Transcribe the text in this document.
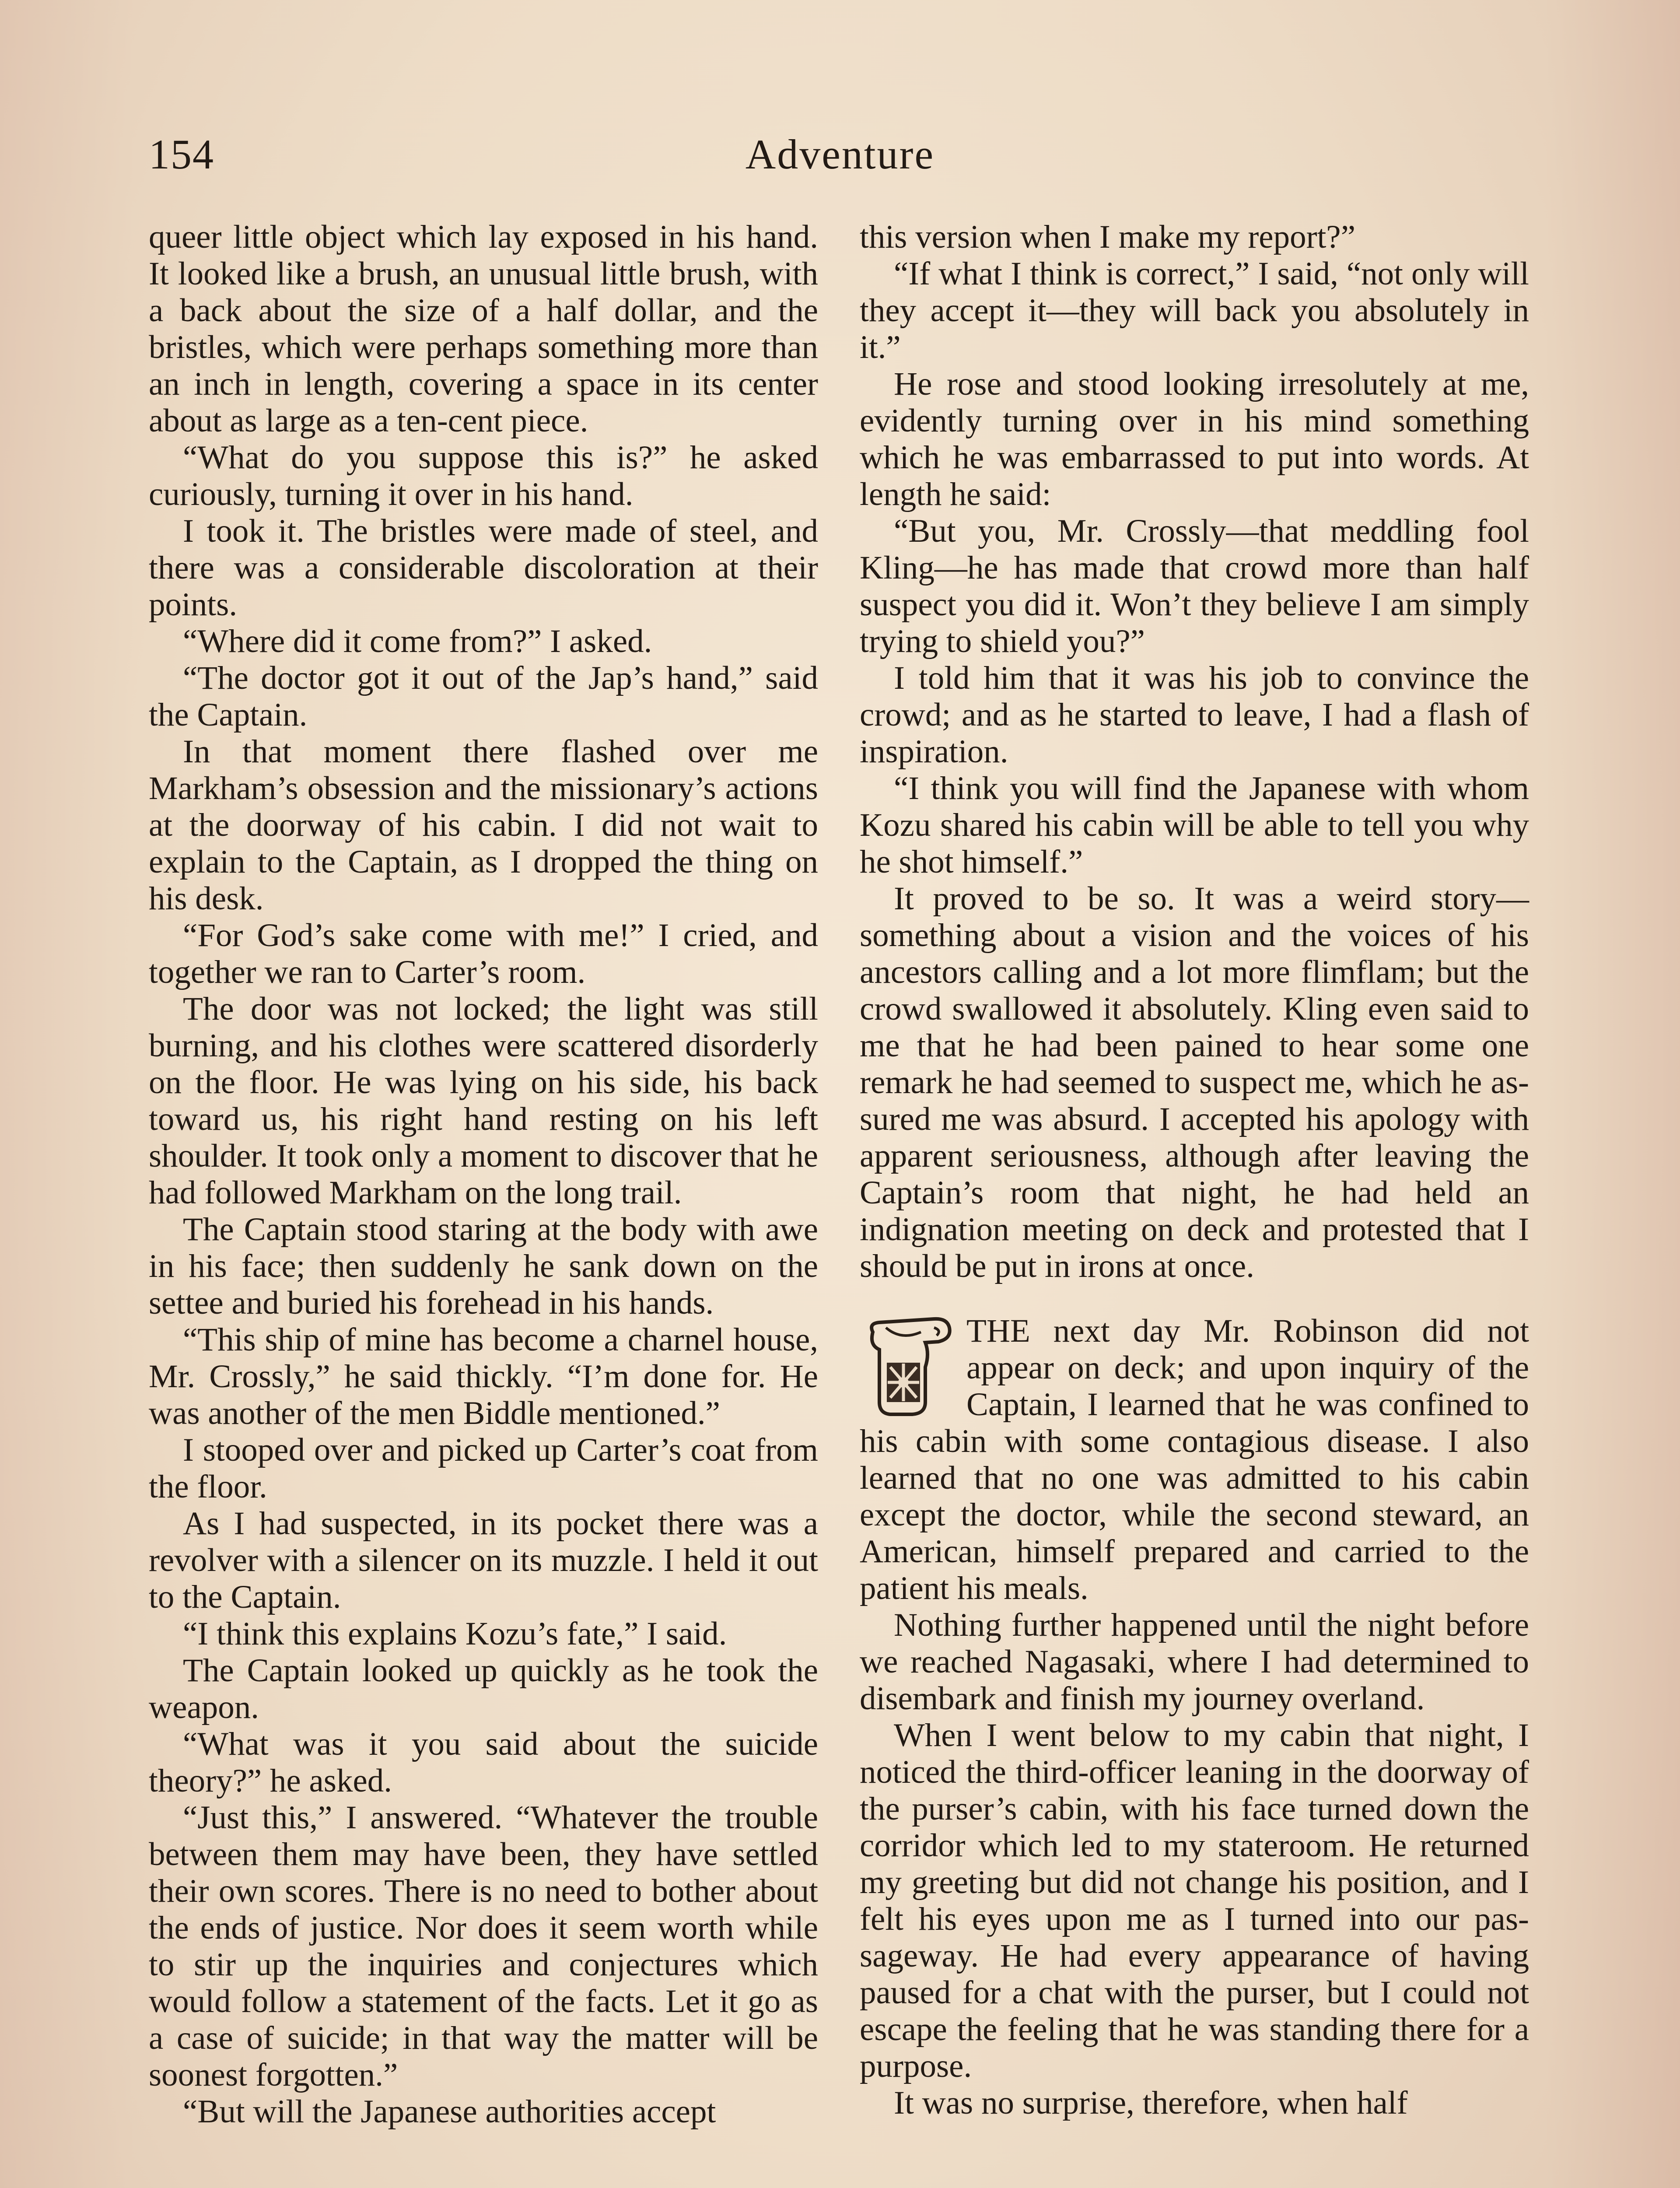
154	Adventure

queer little object which lay exposed in his hand. It looked like a brush, an unusual little brush, with a back about the size of a half dollar, and the bristles, which were perhaps something more than an inch in length, covering a space in its center about as large as a ten-cent piece.

“What do you suppose this is?” he asked curiously, turning it over in his hand.

I took it. The bristles were made of steel, and there was a considerable discoloration at their points.

“Where did it come from?” I asked.

“The doctor got it out of the Jap’s hand,” said the Captain.

In that moment there flashed over me Markham’s obsession and the missionary’s actions at the doorway of his cabin. I did not wait to explain to the Captain, as I dropped the thing on his desk.

“For God’s sake come with me!” I cried, and together we ran to Carter’s room.

The door was not locked; the light was still burning, and his clothes were scattered disorderly on the floor. He was lying on his side, his back toward us, his right hand resting on his left shoulder. It took only a moment to discover that he had followed Markham on the long trail.

The Captain stood staring at the body with awe in his face; then suddenly he sank down on the settee and buried his forehead in his hands.

“This ship of mine has become a charnel house, Mr. Crossly,” he said thickly. “I’m done for. He was another of the men Biddle mentioned.”

I stooped over and picked up Carter’s coat from the floor.

As I had suspected, in its pocket there was a revolver with a silencer on its muzzle. I held it out to the Captain.

“I think this explains Kozu’s fate,” I said.

The Captain looked up quickly as he took the weapon.

“What was it you said about the suicide theory?” he asked.

“Just this,” I answered. “Whatever the trouble between them may have been, they have settled their own scores. There is no need to bother about the ends of justice. Nor does it seem worth while to stir up the inquiries and conjectures which would follow a statement of the facts. Let it go as a case of suicide; in that way the matter will be soonest forgotten.”

“But will the Japanese authorities accept

this version when I make my report?”

“If what I think is correct,” I said, “not only will they accept it—they will back you absolutely in it.”

He rose and stood looking irresolutely at me, evidently turning over in his mind something which he was embarrassed to put into words. At length he said:

“But you, Mr. Crossly—that meddling fool Kling—he has made that crowd more than half suspect you did it. Won’t they believe I am simply trying to shield you?”

I told him that it was his job to convince the crowd; and as he started to leave, I had a flash of inspiration.

“I think you will find the Japanese with whom Kozu shared his cabin will be able to tell you why he shot himself.”

It proved to be so. It was a weird story—something about a vision and the voices of his ancestors calling and a lot more flimflam; but the crowd swallowed it absolutely. Kling even said to me that he had been pained to hear some one remark he had seemed to suspect me, which he assured me was absurd. I accepted his apology with apparent seriousness, although after leaving the Captain’s room that night, he had held an indignation meeting on deck and protested that I should be put in irons at once.

THE next day Mr. Robinson did not appear on deck; and upon inquiry of the Captain, I learned that he was confined to his cabin with some contagious disease. I also learned that no one was admitted to his cabin except the doctor, while the second steward, an American, himself prepared and carried to the patient his meals.

Nothing further happened until the night before we reached Nagasaki, where I had determined to disembark and finish my journey overland.

When I went below to my cabin that night, I noticed the third-officer leaning in the doorway of the purser’s cabin, with his face turned down the corridor which led to my stateroom. He returned my greeting but did not change his position, and I felt his eyes upon me as I turned into our passageway. He had every appearance of having paused for a chat with the purser, but I could not escape the feeling that he was standing there for a purpose.

It was no surprise, therefore, when half
